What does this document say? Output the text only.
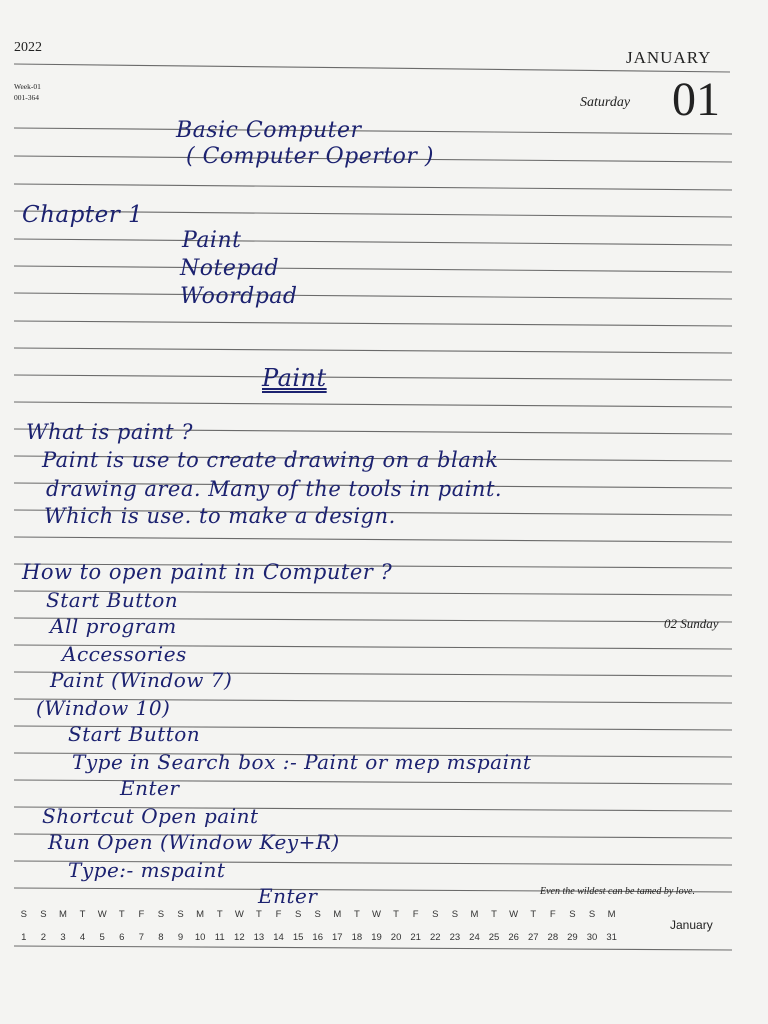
2022
Week-01
001-364
JANUARY
Saturday 01
Basic Computer
( Computer Opertor )
Chapter 1
Paint
Notepad
Woordpad
Paint
What is paint ?
Paint is use to create drawing on a blank
drawing area. Many of the tools in paint.
Which is use. to make a design.
How to open paint in Computer ?
Start Button
All program
Accessories
Paint (Window 7)
(Window 10)
Start Button
Type in Search box :- Paint or mep mspaint
Enter
Shortcut Open paint
Run Open (Window Key+R)
Type:- mspaint
Enter
02 Sunday
Even the wildest can be tamed by love.
S	S	M	T	W	T	F	S	S	M	T	W	T	F	S	S	M	T	W	T	F	S	S	M	T	W	T	F	S	S	M
1	2	3	4	5	6	7	8	9	10 11 12 13 14 15 16 17 18 19 20 21 22 23 24 25 26 27 28 29 30 31
January
